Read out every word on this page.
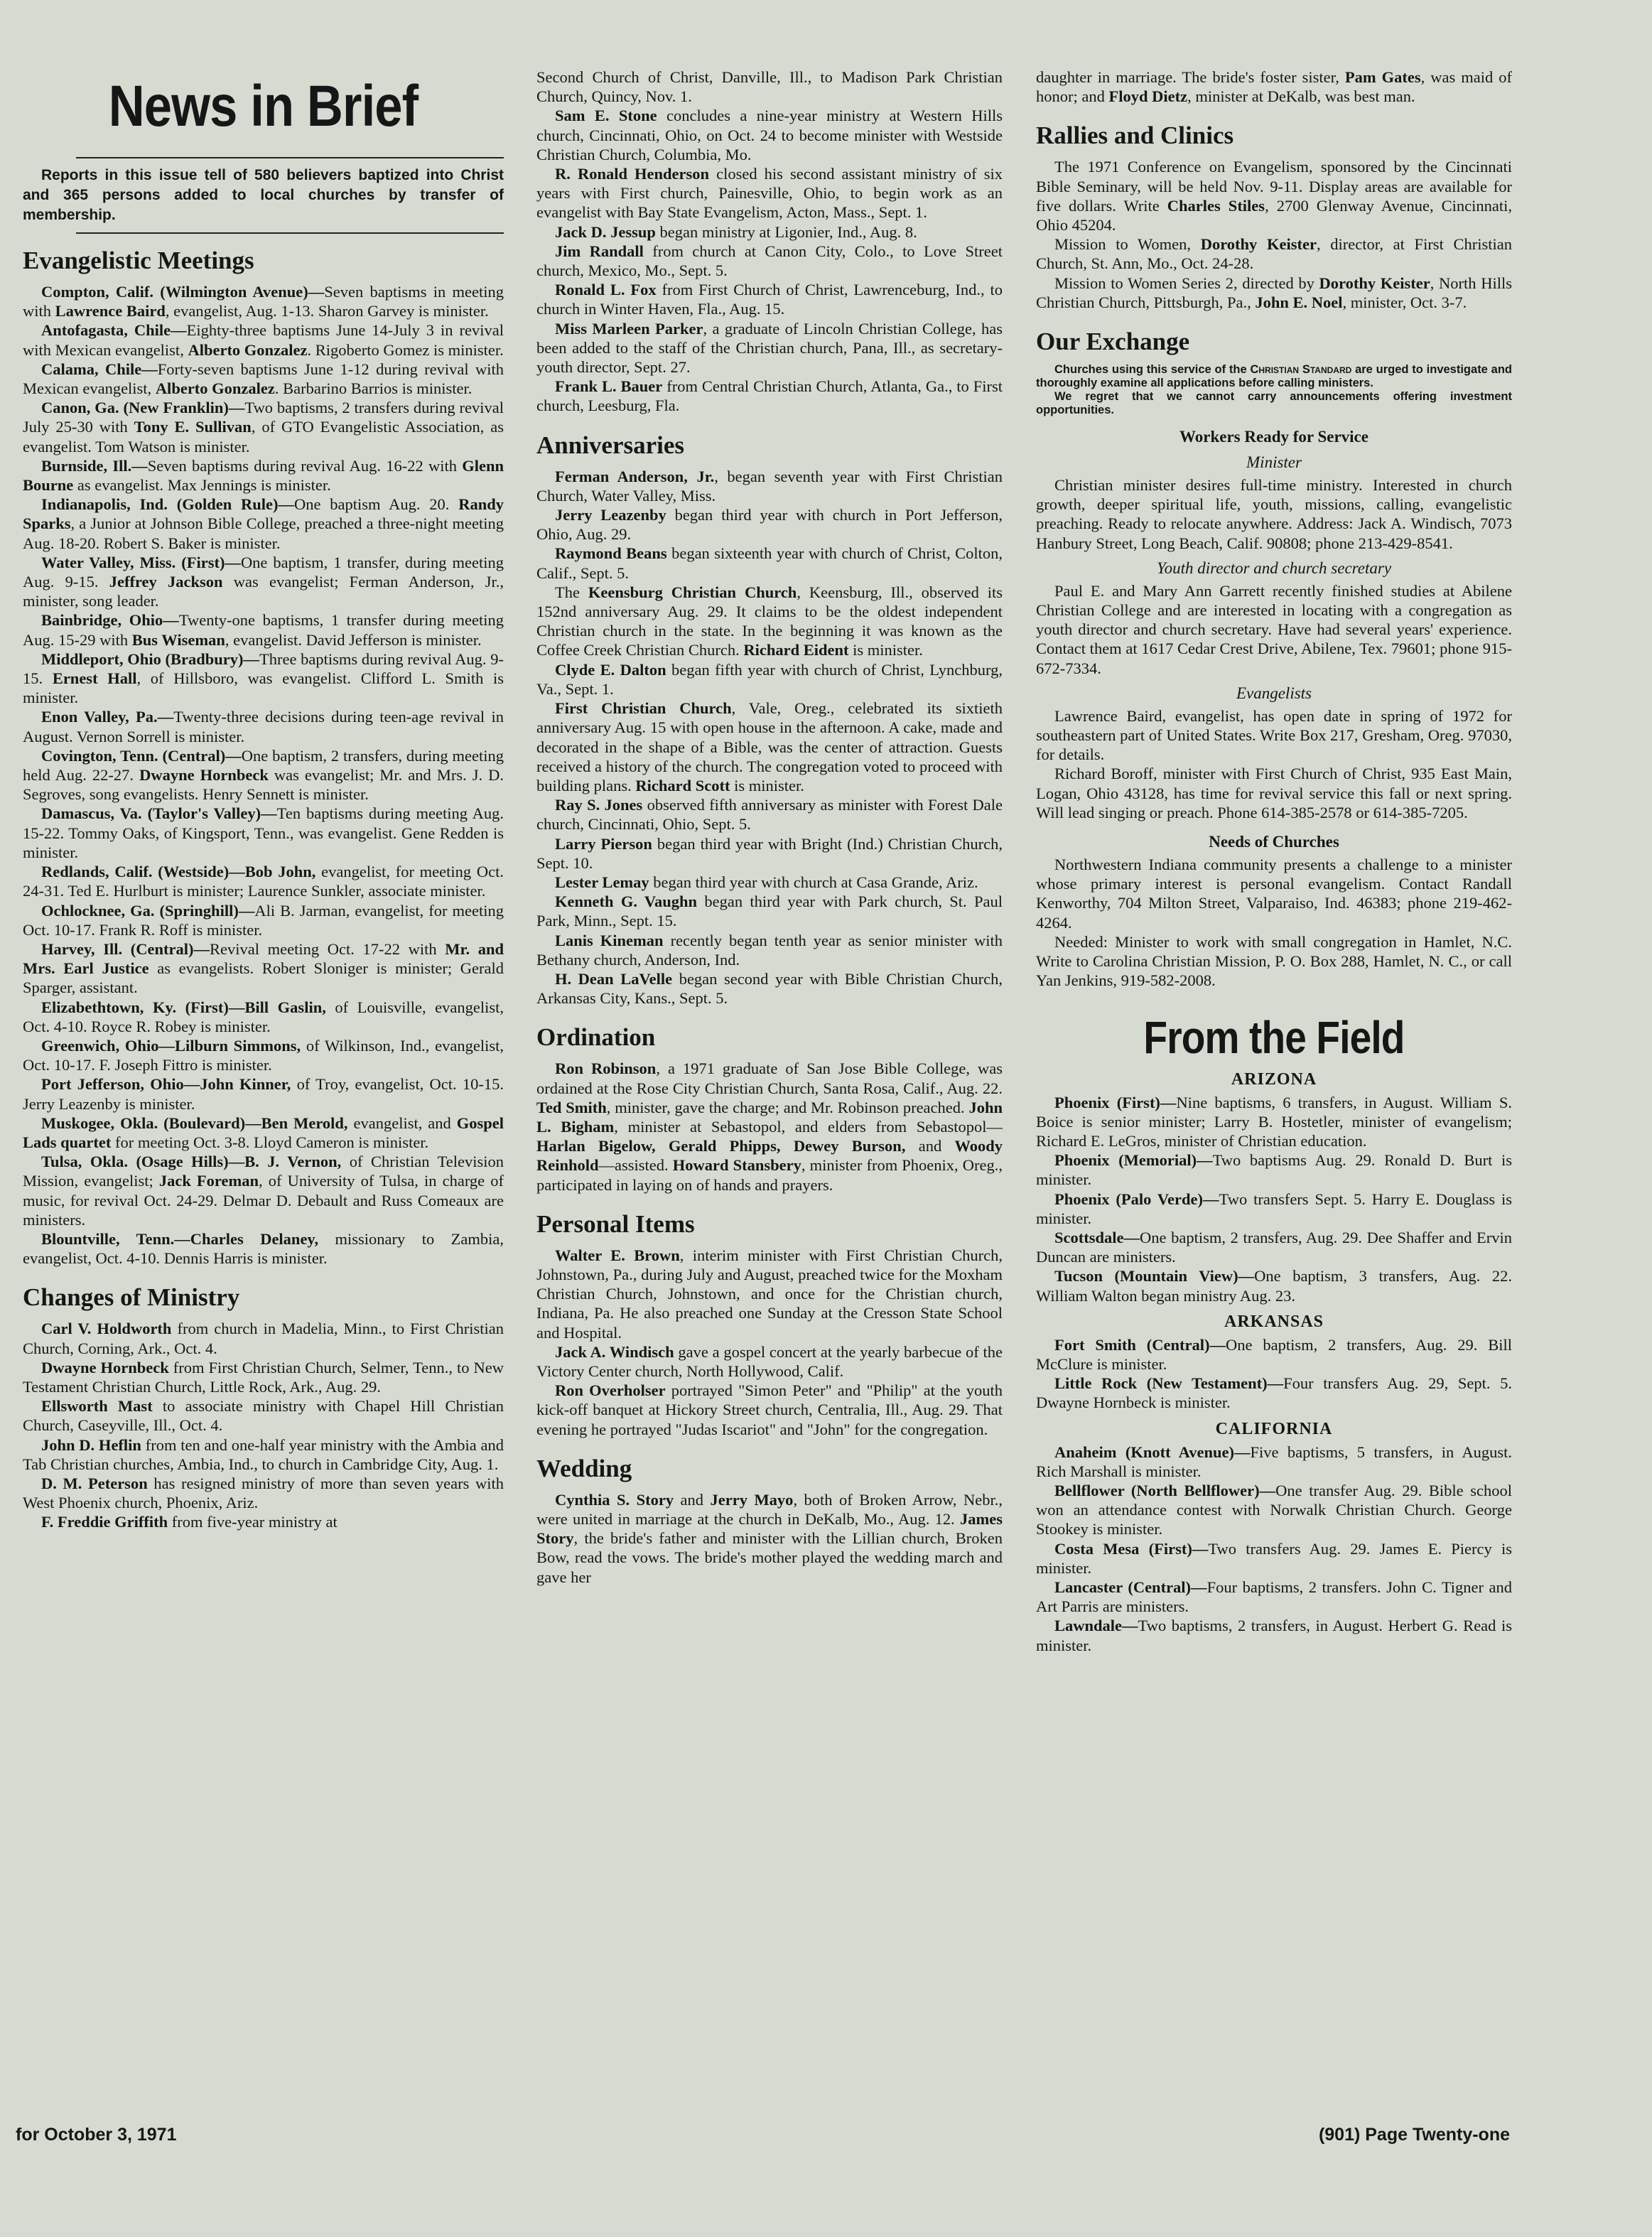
News in Brief
Reports in this issue tell of 580 believers baptized into Christ and 365 persons added to local churches by transfer of membership.
Evangelistic Meetings

Compton, Calif. (Wilmington Avenue)—Seven baptisms in meeting with Lawrence Baird, evangelist, Aug. 1-13. Sharon Garvey is minister.

Antofagasta, Chile—Eighty-three baptisms June 14-July 3 in revival with Mexican evangelist, Alberto Gonzalez. Rigoberto Gomez is minister.

Calama, Chile—Forty-seven baptisms June 1-12 during revival with Mexican evangelist, Alberto Gonzalez. Barbarino Barrios is minister.

Canon, Ga. (New Franklin)—Two baptisms, 2 transfers during revival July 25-30 with Tony E. Sullivan, of GTO Evangelistic Association, as evangelist. Tom Watson is minister.

Burnside, Ill.—Seven baptisms during revival Aug. 16-22 with Glenn Bourne as evangelist. Max Jennings is minister.

Indianapolis, Ind. (Golden Rule)—One baptism Aug. 20. Randy Sparks, a Junior at Johnson Bible College, preached a three-night meeting Aug. 18-20. Robert S. Baker is minister.

Water Valley, Miss. (First)—One baptism, 1 transfer, during meeting Aug. 9-15. Jeffrey Jackson was evangelist; Ferman Anderson, Jr., minister, song leader.

Bainbridge, Ohio—Twenty-one baptisms, 1 transfer during meeting Aug. 15-29 with Bus Wiseman, evangelist. David Jefferson is minister.

Middleport, Ohio (Bradbury)—Three baptisms during revival Aug. 9-15. Ernest Hall, of Hillsboro, was evangelist. Clifford L. Smith is minister.

Enon Valley, Pa.—Twenty-three decisions during teen-age revival in August. Vernon Sorrell is minister.

Covington, Tenn. (Central)—One baptism, 2 transfers, during meeting held Aug. 22-27. Dwayne Hornbeck was evangelist; Mr. and Mrs. J. D. Segroves, song evangelists. Henry Sennett is minister.

Damascus, Va. (Taylor's Valley)—Ten baptisms during meeting Aug. 15-22. Tommy Oaks, of Kingsport, Tenn., was evangelist. Gene Redden is minister.

Redlands, Calif. (Westside)—Bob John, evangelist, for meeting Oct. 24-31. Ted E. Hurlburt is minister; Laurence Sunkler, associate minister.

Ochlocknee, Ga. (Springhill)—Ali B. Jarman, evangelist, for meeting Oct. 10-17. Frank R. Roff is minister.

Harvey, Ill. (Central)—Revival meeting Oct. 17-22 with Mr. and Mrs. Earl Justice as evangelists. Robert Sloniger is minister; Gerald Sparger, assistant.

Elizabethtown, Ky. (First)—Bill Gaslin, of Louisville, evangelist, Oct. 4-10. Royce R. Robey is minister.

Greenwich, Ohio—Lilburn Simmons, of Wilkinson, Ind., evangelist, Oct. 10-17. F. Joseph Fittro is minister.

Port Jefferson, Ohio—John Kinner, of Troy, evangelist, Oct. 10-15. Jerry Leazenby is minister.

Muskogee, Okla. (Boulevard)—Ben Merold, evangelist, and Gospel Lads quartet for meeting Oct. 3-8. Lloyd Cameron is minister.

Tulsa, Okla. (Osage Hills)—B. J. Vernon, of Christian Television Mission, evangelist; Jack Foreman, of University of Tulsa, in charge of music, for revival Oct. 24-29. Delmar D. Debault and Russ Comeaux are ministers.

Blountville, Tenn.—Charles Delaney, missionary to Zambia, evangelist, Oct. 4-10. Dennis Harris is minister.

Changes of Ministry

Carl V. Holdworth from church in Madelia, Minn., to First Christian Church, Corning, Ark., Oct. 4.

Dwayne Hornbeck from First Christian Church, Selmer, Tenn., to New Testament Christian Church, Little Rock, Ark., Aug. 29.

Ellsworth Mast to associate ministry with Chapel Hill Christian Church, Caseyville, Ill., Oct. 4.

John D. Heflin from ten and one-half year ministry with the Ambia and Tab Christian churches, Ambia, Ind., to church in Cambridge City, Aug. 1.

D. M. Peterson has resigned ministry of more than seven years with West Phoenix church, Phoenix, Ariz.

F. Freddie Griffith from five-year ministry at

Second Church of Christ, Danville, Ill., to Madison Park Christian Church, Quincy, Nov. 1.

Sam E. Stone concludes a nine-year ministry at Western Hills church, Cincinnati, Ohio, on Oct. 24 to become minister with Westside Christian Church, Columbia, Mo.

R. Ronald Henderson closed his second assistant ministry of six years with First church, Painesville, Ohio, to begin work as an evangelist with Bay State Evangelism, Acton, Mass., Sept. 1.

Jack D. Jessup began ministry at Ligonier, Ind., Aug. 8.

Jim Randall from church at Canon City, Colo., to Love Street church, Mexico, Mo., Sept. 5.

Ronald L. Fox from First Church of Christ, Lawrenceburg, Ind., to church in Winter Haven, Fla., Aug. 15.

Miss Marleen Parker, a graduate of Lincoln Christian College, has been added to the staff of the Christian church, Pana, Ill., as secretary-youth director, Sept. 27.

Frank L. Bauer from Central Christian Church, Atlanta, Ga., to First church, Leesburg, Fla.

Anniversaries

Ferman Anderson, Jr., began seventh year with First Christian Church, Water Valley, Miss.

Jerry Leazenby began third year with church in Port Jefferson, Ohio, Aug. 29.

Raymond Beans began sixteenth year with church of Christ, Colton, Calif., Sept. 5.

The Keensburg Christian Church, Keensburg, Ill., observed its 152nd anniversary Aug. 29. It claims to be the oldest independent Christian church in the state. In the beginning it was known as the Coffee Creek Christian Church. Richard Eident is minister.

Clyde E. Dalton began fifth year with church of Christ, Lynchburg, Va., Sept. 1.

First Christian Church, Vale, Oreg., celebrated its sixtieth anniversary Aug. 15 with open house in the afternoon. A cake, made and decorated in the shape of a Bible, was the center of attraction. Guests received a history of the church. The congregation voted to proceed with building plans. Richard Scott is minister.

Ray S. Jones observed fifth anniversary as minister with Forest Dale church, Cincinnati, Ohio, Sept. 5.

Larry Pierson began third year with Bright (Ind.) Christian Church, Sept. 10.

Lester Lemay began third year with church at Casa Grande, Ariz.

Kenneth G. Vaughn began third year with Park church, St. Paul Park, Minn., Sept. 15.

Lanis Kineman recently began tenth year as senior minister with Bethany church, Anderson, Ind.

H. Dean LaVelle began second year with Bible Christian Church, Arkansas City, Kans., Sept. 5.

Ordination

Ron Robinson, a 1971 graduate of San Jose Bible College, was ordained at the Rose City Christian Church, Santa Rosa, Calif., Aug. 22. Ted Smith, minister, gave the charge; and Mr. Robinson preached. John L. Bigham, minister at Sebastopol, and elders from Sebastopol—Harlan Bigelow, Gerald Phipps, Dewey Burson, and Woody Reinhold—assisted. Howard Stansbery, minister from Phoenix, Oreg., participated in laying on of hands and prayers.

Personal Items

Walter E. Brown, interim minister with First Christian Church, Johnstown, Pa., during July and August, preached twice for the Moxham Christian Church, Johnstown, and once for the Christian church, Indiana, Pa. He also preached one Sunday at the Cresson State School and Hospital.

Jack A. Windisch gave a gospel concert at the yearly barbecue of the Victory Center church, North Hollywood, Calif.

Ron Overholser portrayed "Simon Peter" and "Philip" at the youth kick-off banquet at Hickory Street church, Centralia, Ill., Aug. 29. That evening he portrayed "Judas Iscariot" and "John" for the congregation.

Wedding

Cynthia S. Story and Jerry Mayo, both of Broken Arrow, Nebr., were united in marriage at the church in DeKalb, Mo., Aug. 12. James Story, the bride's father and minister with the Lillian church, Broken Bow, read the vows. The bride's mother played the wedding march and gave her

daughter in marriage. The bride's foster sister, Pam Gates, was maid of honor; and Floyd Dietz, minister at DeKalb, was best man.

Rallies and Clinics

The 1971 Conference on Evangelism, sponsored by the Cincinnati Bible Seminary, will be held Nov. 9-11. Display areas are available for five dollars. Write Charles Stiles, 2700 Glenway Avenue, Cincinnati, Ohio 45204.

Mission to Women, Dorothy Keister, director, at First Christian Church, St. Ann, Mo., Oct. 24-28.

Mission to Women Series 2, directed by Dorothy Keister, North Hills Christian Church, Pittsburgh, Pa., John E. Noel, minister, Oct. 3-7.

Our Exchange

Churches using this service of the Christian Standard are urged to investigate and thoroughly examine all applications before calling ministers.

We regret that we cannot carry announcements offering investment opportunities.

Workers Ready for Service
Minister

Christian minister desires full-time ministry. Interested in church growth, deeper spiritual life, youth, missions, calling, evangelistic preaching. Ready to relocate anywhere. Address: Jack A. Windisch, 7073 Hanbury Street, Long Beach, Calif. 90808; phone 213-429-8541.

Youth director and church secretary

Paul E. and Mary Ann Garrett recently finished studies at Abilene Christian College and are interested in locating with a congregation as youth director and church secretary. Have had several years' experience. Contact them at 1617 Cedar Crest Drive, Abilene, Tex. 79601; phone 915-672-7334.

Evangelists

Lawrence Baird, evangelist, has open date in spring of 1972 for southeastern part of United States. Write Box 217, Gresham, Oreg. 97030, for details.

Richard Boroff, minister with First Church of Christ, 935 East Main, Logan, Ohio 43128, has time for revival service this fall or next spring. Will lead singing or preach. Phone 614-385-2578 or 614-385-7205.

Needs of Churches

Northwestern Indiana community presents a challenge to a minister whose primary interest is personal evangelism. Contact Randall Kenworthy, 704 Milton Street, Valparaiso, Ind. 46383; phone 219-462-4264.

Needed: Minister to work with small congregation in Hamlet, N.C. Write to Carolina Christian Mission, P. O. Box 288, Hamlet, N. C., or call Yan Jenkins, 919-582-2008.

From the Field
ARIZONA

Phoenix (First)—Nine baptisms, 6 transfers, in August. William S. Boice is senior minister; Larry B. Hostetler, minister of evangelism; Richard E. LeGros, minister of Christian education.

Phoenix (Memorial)—Two baptisms Aug. 29. Ronald D. Burt is minister.

Phoenix (Palo Verde)—Two transfers Sept. 5. Harry E. Douglass is minister.

Scottsdale—One baptism, 2 transfers, Aug. 29. Dee Shaffer and Ervin Duncan are ministers.

Tucson (Mountain View)—One baptism, 3 transfers, Aug. 22. William Walton began ministry Aug. 23.

ARKANSAS

Fort Smith (Central)—One baptism, 2 transfers, Aug. 29. Bill McClure is minister.

Little Rock (New Testament)—Four transfers Aug. 29, Sept. 5. Dwayne Hornbeck is minister.

CALIFORNIA

Anaheim (Knott Avenue)—Five baptisms, 5 transfers, in August. Rich Marshall is minister.

Bellflower (North Bellflower)—One transfer Aug. 29. Bible school won an attendance contest with Norwalk Christian Church. George Stookey is minister.

Costa Mesa (First)—Two transfers Aug. 29. James E. Piercy is minister.

Lancaster (Central)—Four baptisms, 2 transfers. John C. Tigner and Art Parris are ministers.

Lawndale—Two baptisms, 2 transfers, in August. Herbert G. Read is minister.

for October 3, 1971	(901) Page Twenty-one
